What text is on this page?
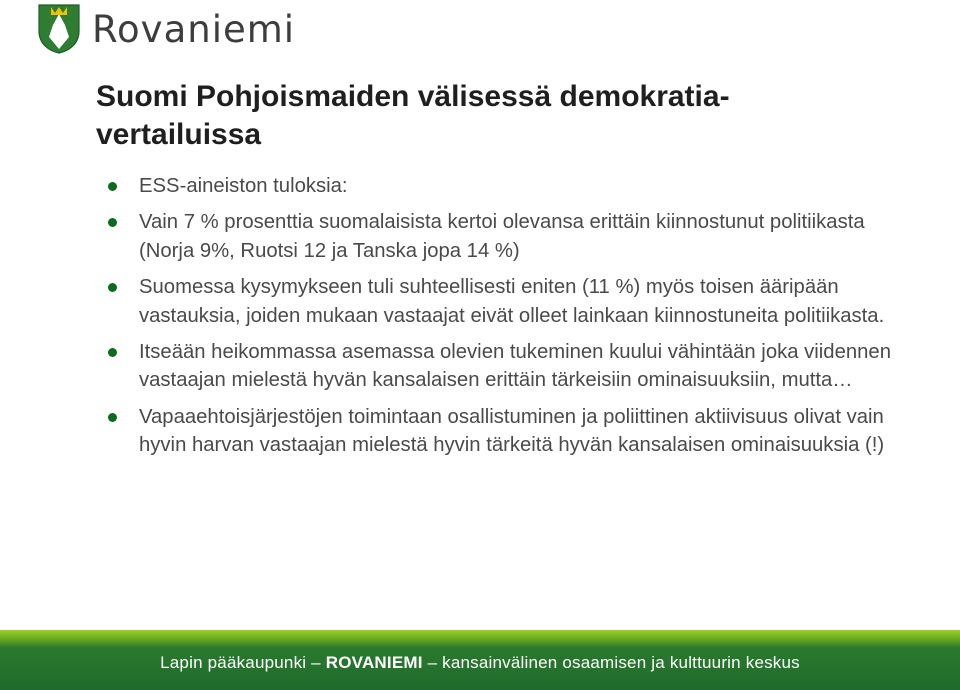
Rovaniemi
Suomi Pohjoismaiden välisessä demokratia-vertailuissa
ESS-aineiston tuloksia:
Vain 7 % prosenttia suomalaisista kertoi olevansa erittäin kiinnostunut politiikasta (Norja 9%, Ruotsi 12 ja Tanska jopa 14 %)
Suomessa kysymykseen tuli suhteellisesti eniten (11 %) myös toisen ääripään vastauksia, joiden mukaan vastaajat eivät olleet lainkaan kiinnostuneita politiikasta.
Itseään heikommassa asemassa olevien tukeminen kuului vähintään joka viidennen vastaajan mielestä hyvän kansalaisen erittäin tärkeisiin ominaisuuksiin, mutta…
Vapaaehtoisjärjestöjen toimintaan osallistuminen ja poliittinen aktiivisuus olivat vain hyvin harvan vastaajan mielestä hyvin tärkeitä hyvän kansalaisen ominaisuuksia (!)
Lapin pääkaupunki – ROVANIEMI – kansainvälinen osaamisen ja kulttuurin keskus
